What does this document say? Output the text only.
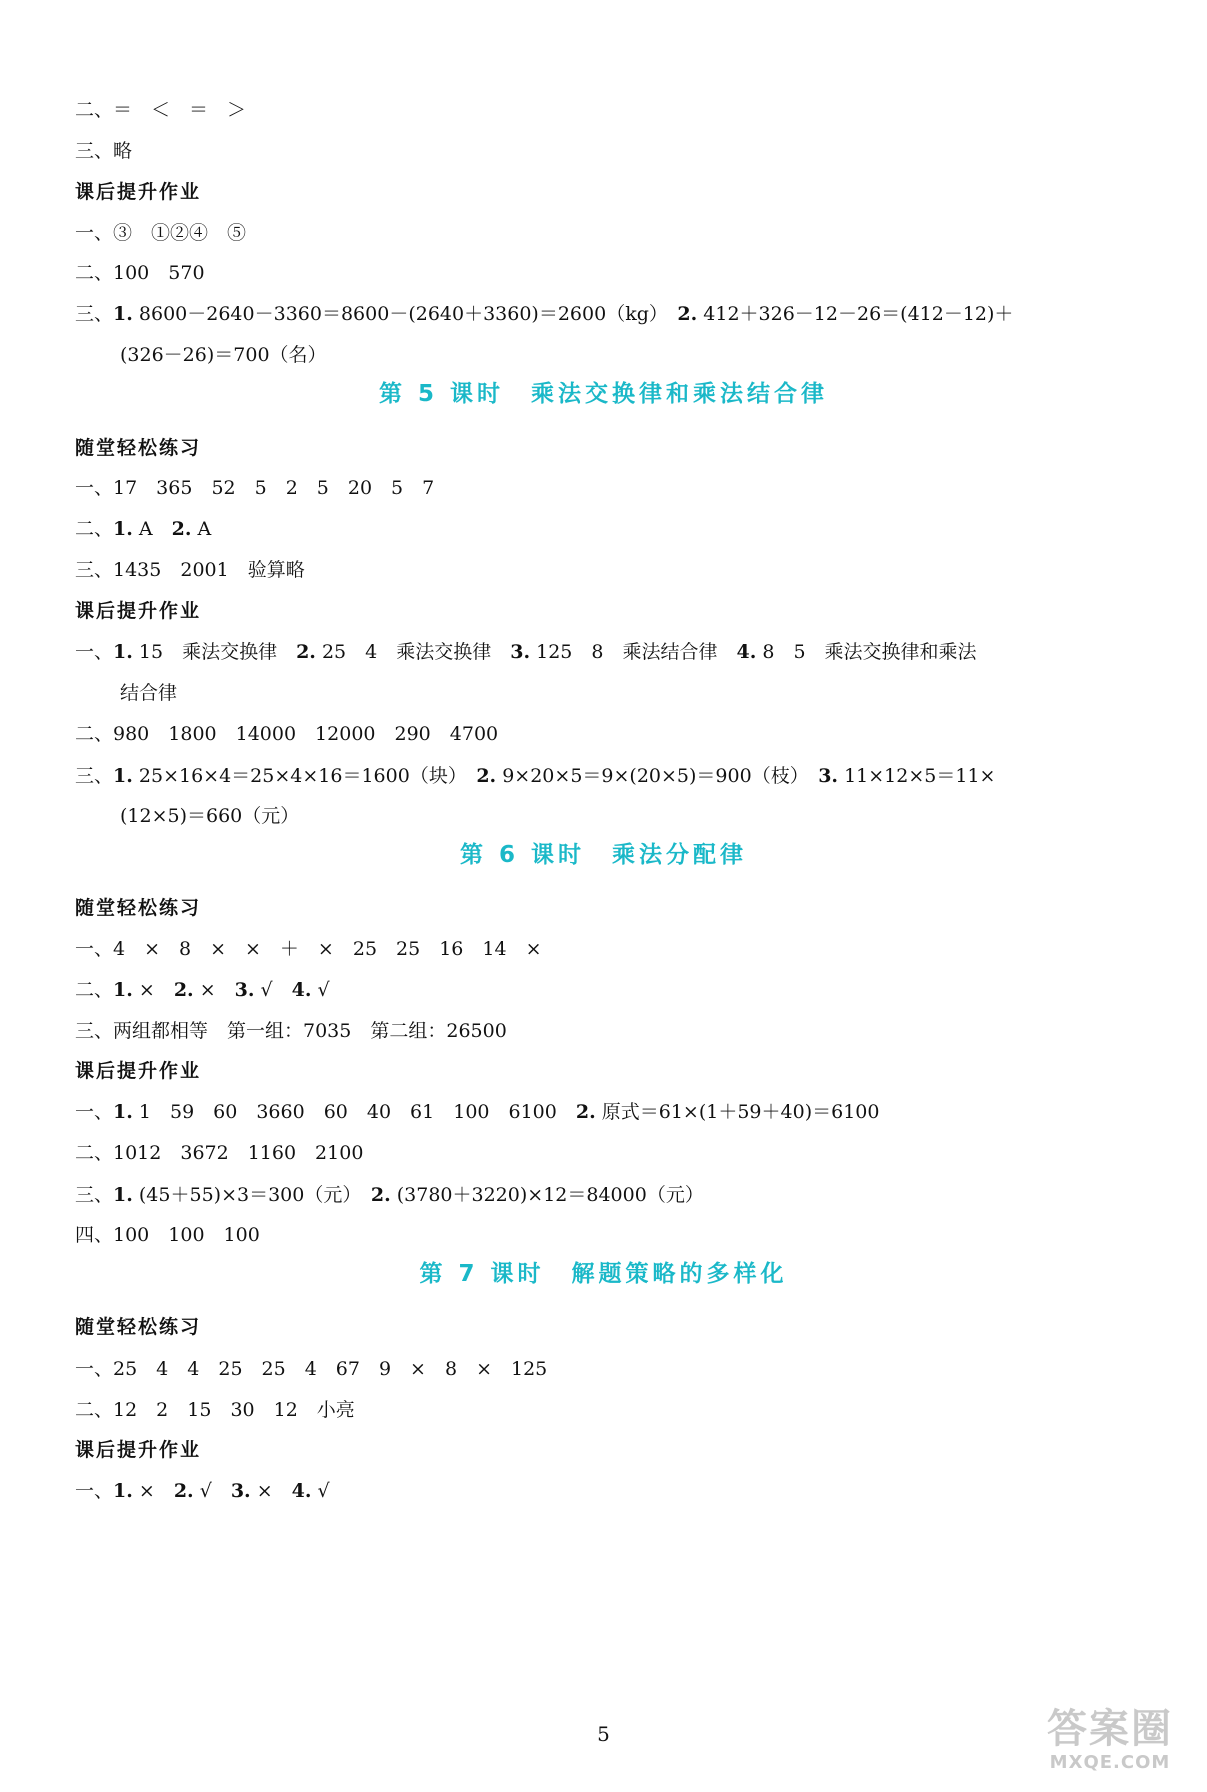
二、＝　＜　＝　＞
三、略
课后提升作业
一、③　①②④　⑤
二、100　570
三、1. 8600－2640－3360＝8600－(2640＋3360)＝2600（kg）　2. 412＋326－12－26＝(412－12)＋
(326－26)＝700（名）
第 5 课时　乘法交换律和乘法结合律
随堂轻松练习
一、17　365　52　5　2　5　20　5　7
二、1. A　2. A
三、1435　2001　验算略
课后提升作业
一、1. 15　乘法交换律　2. 25　4　乘法交换律　3. 125　8　乘法结合律　4. 8　5　乘法交换律和乘法
结合律
二、980　1800　14000　12000　290　4700
三、1. 25×16×4＝25×4×16＝1600（块）　2. 9×20×5＝9×(20×5)＝900（枝）　3. 11×12×5＝11×
(12×5)＝660（元）
第 6 课时　乘法分配律
随堂轻松练习
一、4　×　8　×　×　＋　×　25　25　16　14　×
二、1. ×　2. ×　3. √　4. √
三、两组都相等　第一组：7035　第二组：26500
课后提升作业
一、1. 1　59　60　3660　60　40　61　100　6100　2. 原式＝61×(1＋59＋40)＝6100
二、1012　3672　1160　2100
三、1. (45＋55)×3＝300（元）　2. (3780＋3220)×12＝84000（元）
四、100　100　100
第 7 课时　解题策略的多样化
随堂轻松练习
一、25　4　4　25　25　4　67　9　×　8　×　125
二、12　2　15　30　12　小亮
课后提升作业
一、1. ×　2. √　3. ×　4. √
5	答案圈
MXQE.COM
